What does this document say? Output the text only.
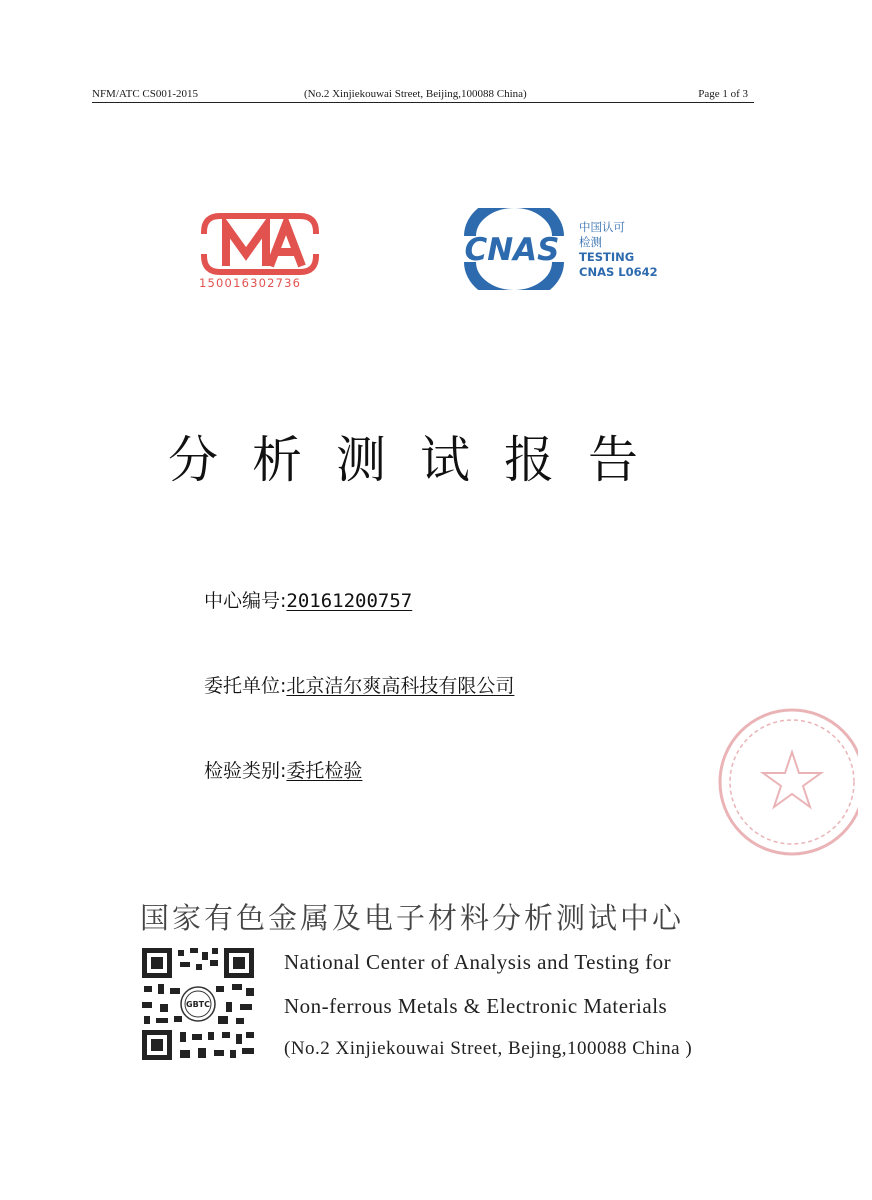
NFM/ATC CS001-2015	(No.2 Xinjiekouwai Street, Beijing,100088 China)	Page 1 of 3
150016302736
CNAS
中国认可
检测
TESTING
CNAS L0642
分析测试报告
中心编号:20161200757
委托单位:北京洁尔爽高科技有限公司
检验类别:委托检验
国家有色金属及电子材料分析测试中心
GBTC
National Center of Analysis and Testing for
Non-ferrous Metals & Electronic Materials
(No.2 Xinjiekouwai Street, Bejing,100088 China )
